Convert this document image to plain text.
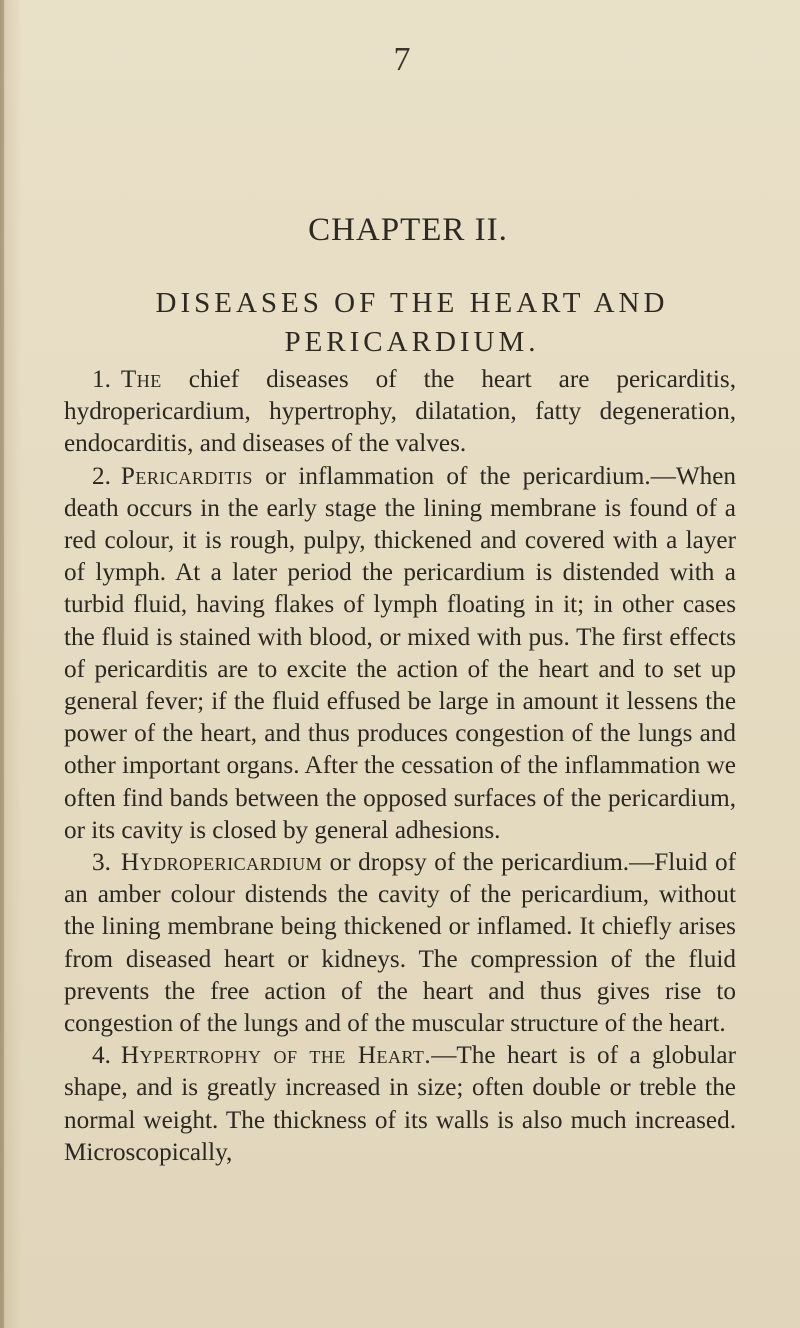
7
CHAPTER II.
DISEASES OF THE HEART AND
PERICARDIUM.

1. The chief diseases of the heart are pericarditis, hydropericardium, hypertrophy, dilatation, fatty degeneration, endocarditis, and diseases of the valves.

2. Pericarditis or inflammation of the pericardium.—When death occurs in the early stage the lining membrane is found of a red colour, it is rough, pulpy, thickened and covered with a layer of lymph. At a later period the pericardium is distended with a turbid fluid, having flakes of lymph floating in it; in other cases the fluid is stained with blood, or mixed with pus. The first effects of pericarditis are to excite the action of the heart and to set up general fever; if the fluid effused be large in amount it lessens the power of the heart, and thus produces congestion of the lungs and other important organs. After the cessation of the inflammation we often find bands between the opposed surfaces of the pericardium, or its cavity is closed by general adhesions.

3. Hydropericardium or dropsy of the pericardium.—Fluid of an amber colour distends the cavity of the pericardium, without the lining membrane being thickened or inflamed. It chiefly arises from diseased heart or kidneys. The compression of the fluid prevents the free action of the heart and thus gives rise to congestion of the lungs and of the muscular structure of the heart.

4. Hypertrophy of the Heart.—The heart is of a globular shape, and is greatly increased in size; often double or treble the normal weight. The thickness of its walls is also much increased. Microscopically,
